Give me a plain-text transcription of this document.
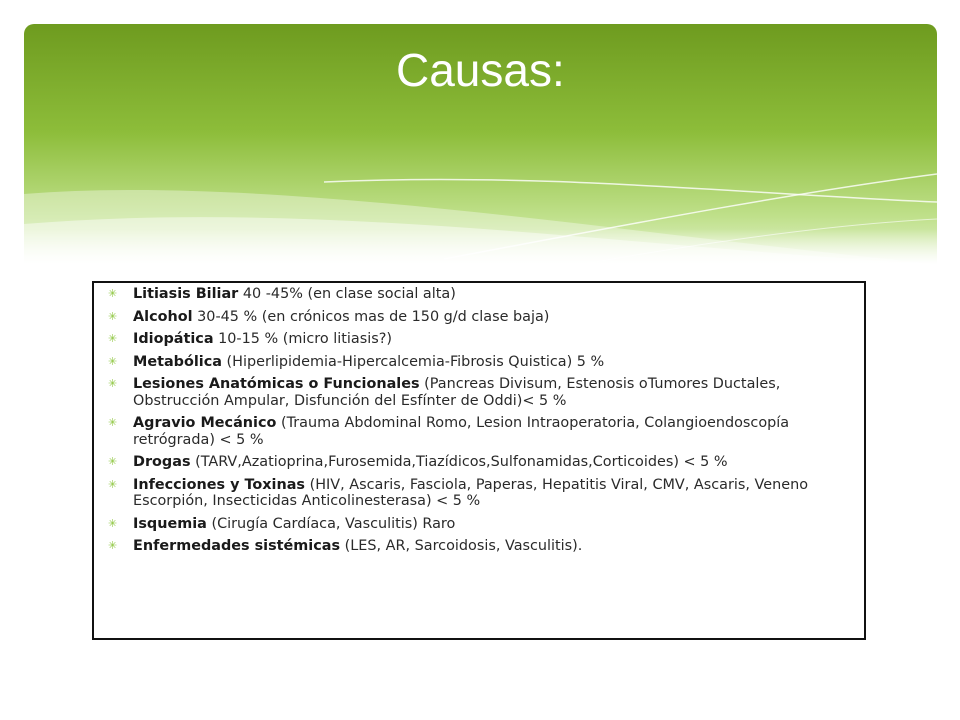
Causas:
✳ Litiasis Biliar 40 -45% (en clase social alta)
✳ Alcohol 30-45 % (en crónicos mas de 150 g/d clase baja)
✳ Idiopática 10-15 % (micro litiasis?)
✳ Metabólica (Hiperlipidemia-Hipercalcemia-Fibrosis Quistica) 5 %
✳ Lesiones Anatómicas o Funcionales (Pancreas Divisum, Estenosis oTumores Ductales, Obstrucción Ampular, Disfunción del Esfínter de Oddi)< 5 %
✳ Agravio Mecánico (Trauma Abdominal Romo, Lesion Intraoperatoria, Colangioendoscopía retrógrada) < 5 %
✳ Drogas (TARV,Azatioprina,Furosemida,Tiazídicos,Sulfonamidas,Corticoides) < 5 %
✳ Infecciones y Toxinas (HIV, Ascaris, Fasciola, Paperas, Hepatitis Viral, CMV, Ascaris, Veneno Escorpión, Insecticidas Anticolinesterasa) < 5 %
✳ Isquemia (Cirugía Cardíaca, Vasculitis) Raro
✳ Enfermedades sistémicas (LES, AR, Sarcoidosis, Vasculitis).
